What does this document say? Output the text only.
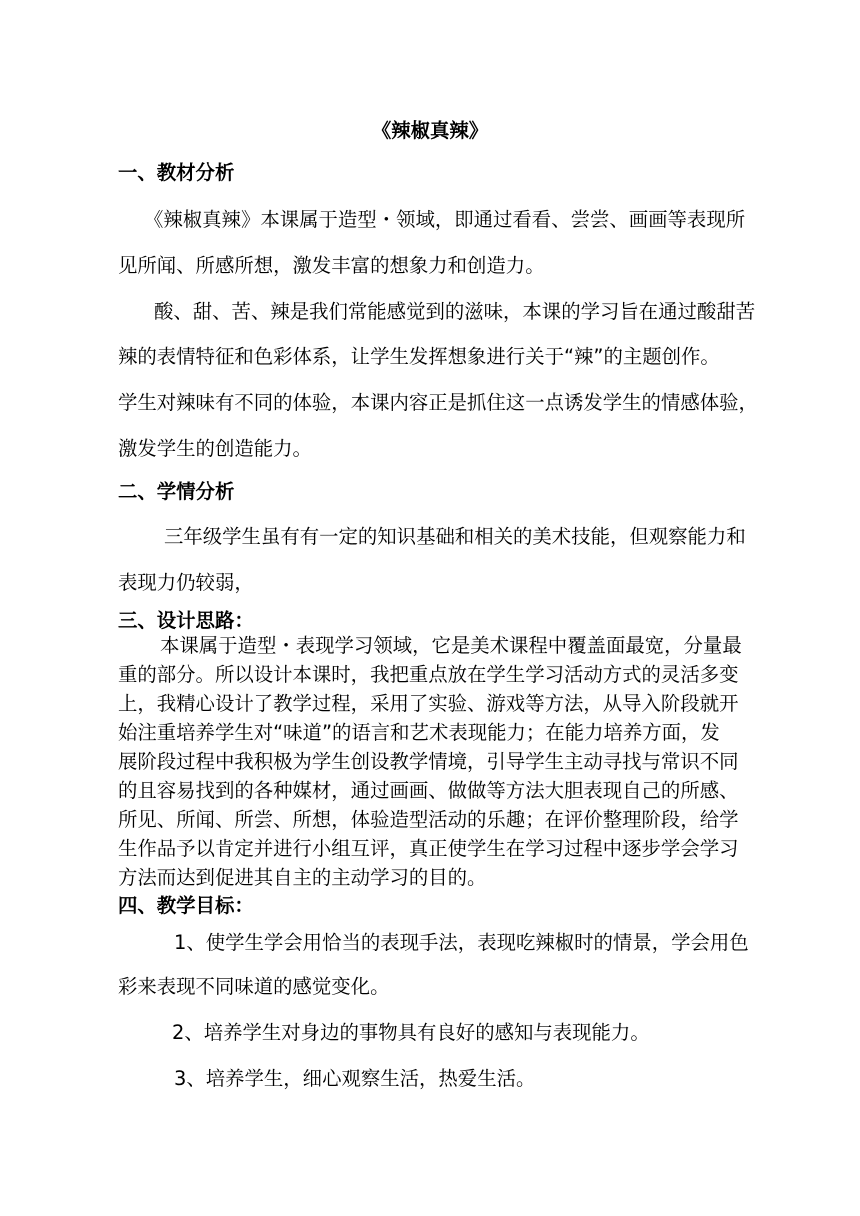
《辣椒真辣》
一、教材分析
《辣椒真辣》本课属于造型・领域，即通过看看、尝尝、画画等表现所
见所闻、所感所想，激发丰富的想象力和创造力。
酸、甜、苦、辣是我们常能感觉到的滋味，本课的学习旨在通过酸甜苦
辣的表情特征和色彩体系，让学生发挥想象进行关于“辣”的主题创作。
学生对辣味有不同的体验，本课内容正是抓住这一点诱发学生的情感体验，
激发学生的创造能力。
二、学情分析
三年级学生虽有有一定的知识基础和相关的美术技能，但观察能力和
表现力仍较弱，
三、设计思路：
本课属于造型・表现学习领域，它是美术课程中覆盖面最宽，分量最
重的部分。所以设计本课时，我把重点放在学生学习活动方式的灵活多变
上，我精心设计了教学过程，采用了实验、游戏等方法，从导入阶段就开
始注重培养学生对“味道”的语言和艺术表现能力；在能力培养方面，发
展阶段过程中我积极为学生创设教学情境，引导学生主动寻找与常识不同
的且容易找到的各种媒材，通过画画、做做等方法大胆表现自己的所感、
所见、所闻、所尝、所想，体验造型活动的乐趣；在评价整理阶段，给学
生作品予以肯定并进行小组互评，真正使学生在学习过程中逐步学会学习
方法而达到促进其自主的主动学习的目的。
四、教学目标：
1、使学生学会用恰当的表现手法，表现吃辣椒时的情景，学会用色
彩来表现不同味道的感觉变化。
2、培养学生对身边的事物具有良好的感知与表现能力。
3、培养学生，细心观察生活，热爱生活。
